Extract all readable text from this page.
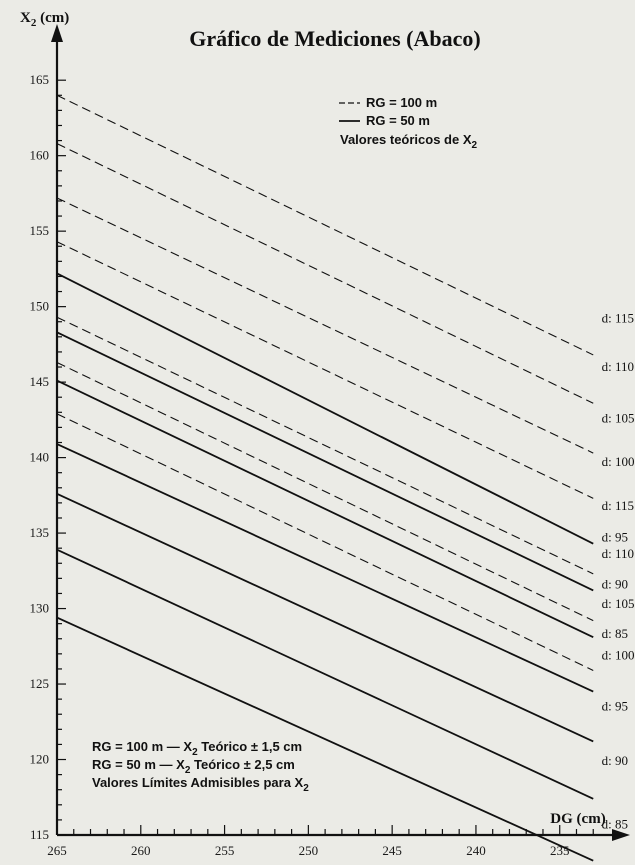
115
120
125
130
135
140
145
150
155
160
165
265	260	255	250	245	240	235
d: 115
d: 110
d: 105
d: 100
d: 115
d: 95
d: 110
d: 90
d: 105
d: 85
d: 100
d: 95
d: 90
d: 85
Gráfico de Mediciones (Abaco)
$X_2$ (cm)
DG (cm)
RG = 100 m
RG = 50 m
Valores teóricos de $X_2$
RG = 100 m — $X_2$ Teórico ± 1,5 cm
RG = 50 m — $X_2$ Teórico ± 2,5 cm
Valores Límites Admisibles para $X_2$
